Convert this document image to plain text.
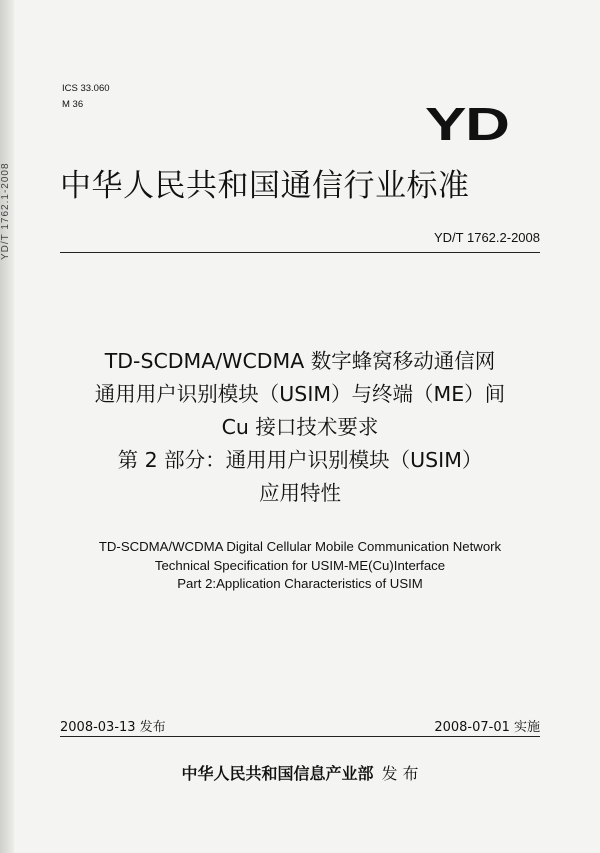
YD/T 1762.1-2008
ICS 33.060
M 36	YD
中华人民共和国通信行业标准
YD/T 1762.2-2008
TD-SCDMA/WCDMA 数字蜂窝移动通信网
通用用户识别模块（USIM）与终端（ME）间
Cu 接口技术要求
第 2 部分：通用用户识别模块（USIM）
应用特性
TD-SCDMA/WCDMA Digital Cellular Mobile Communication Network
Technical Specification for USIM-ME(Cu)Interface
Part 2:Application Characteristics of USIM
2008-03-13 发布	2008-07-01 实施
中华人民共和国信息产业部 发 布
